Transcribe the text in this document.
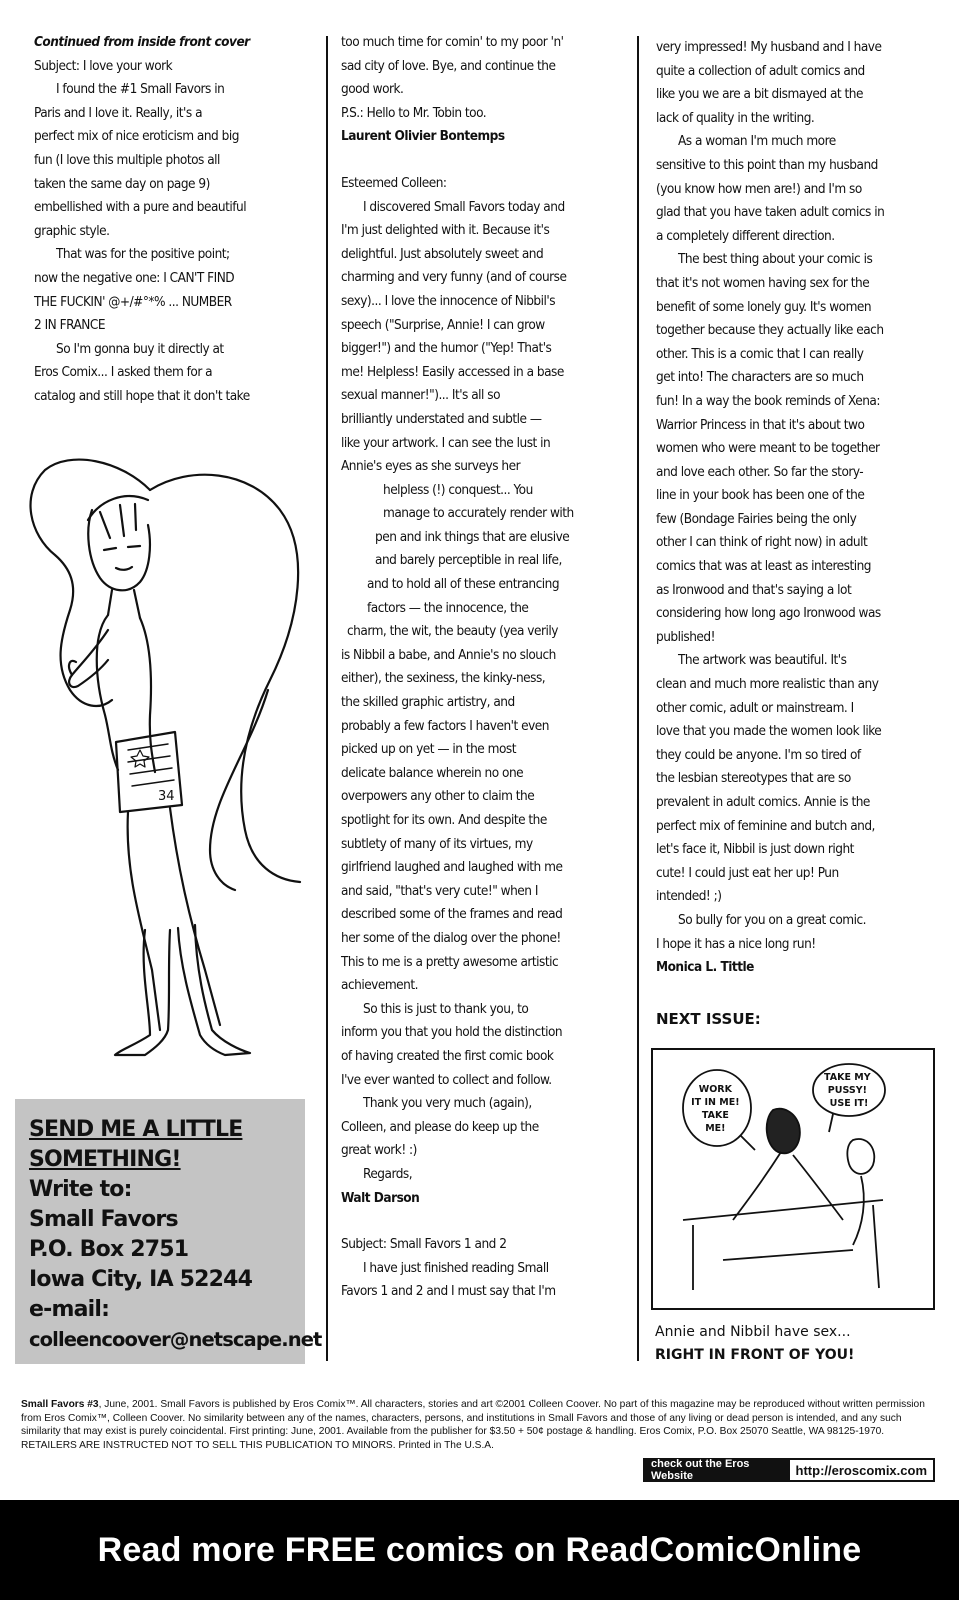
Continued from inside front cover

Subject: I love your work

I found the #1 Small Favors in

Paris and I love it. Really, it's a

perfect mix of nice eroticism and big

fun (I love this multiple photos all

taken the same day on page 9)

embellished with a pure and beautiful

graphic style.

That was for the positive point;

now the negative one: I CAN'T FIND

THE FUCKIN' @+/#°*% ... NUMBER

2 IN FRANCE

So I'm gonna buy it directly at

Eros Comix... I asked them for a

catalog and still hope that it don't take

too much time for comin' to my poor 'n'

sad city of love. Bye, and continue the

good work.

P.S.: Hello to Mr. Tobin too.

Laurent Olivier Bontemps

Esteemed Colleen:

I discovered Small Favors today and

I'm just delighted with it. Because it's

delightful. Just absolutely sweet and

charming and very funny (and of course

sexy)... I love the innocence of Nibbil's

speech ("Surprise, Annie! I can grow

bigger!") and the humor ("Yep! That's

me! Helpless! Easily accessed in a base

sexual manner!")... It's all so

brilliantly understated and subtle —

like your artwork. I can see the lust in

Annie's eyes as she surveys her

helpless (!) conquest... You

manage to accurately render with

pen and ink things that are elusive

and barely perceptible in real life,

and to hold all of these entrancing

factors — the innocence, the

charm, the wit, the beauty (yea verily

is Nibbil a babe, and Annie's no slouch

either), the sexiness, the kinky-ness,

the skilled graphic artistry, and

probably a few factors I haven't even

picked up on yet — in the most

delicate balance wherein no one

overpowers any other to claim the

spotlight for its own. And despite the

subtlety of many of its virtues, my

girlfriend laughed and laughed with me

and said, "that's very cute!" when I

described some of the frames and read

her some of the dialog over the phone!

This to me is a pretty awesome artistic

achievement.

So this is just to thank you, to

inform you that you hold the distinction

of having created the first comic book

I've ever wanted to collect and follow.

Thank you very much (again),

Colleen, and please do keep up the

great work! :)

Regards,

Walt Darson

Subject: Small Favors 1 and 2

I have just finished reading Small

Favors 1 and 2 and I must say that I'm

very impressed! My husband and I have

quite a collection of adult comics and

like you we are a bit dismayed at the

lack of quality in the writing.

As a woman I'm much more

sensitive to this point than my husband

(you know how men are!) and I'm so

glad that you have taken adult comics in

a completely different direction.

The best thing about your comic is

that it's not women having sex for the

benefit of some lonely guy. It's women

together because they actually like each

other. This is a comic that I can really

get into! The characters are so much

fun! In a way the book reminds of Xena:

Warrior Princess in that it's about two

women who were meant to be together

and love each other. So far the story-

line in your book has been one of the

few (Bondage Fairies being the only

other I can think of right now) in adult

comics that was at least as interesting

as Ironwood and that's saying a lot

considering how long ago Ironwood was

published!

The artwork was beautiful. It's

clean and much more realistic than any

other comic, adult or mainstream. I

love that you made the women look like

they could be anyone. I'm so tired of

the lesbian stereotypes that are so

prevalent in adult comics. Annie is the

perfect mix of feminine and butch and,

let's face it, Nibbil is just down right

cute! I could just eat her up! Pun

intended! ;)

So bully for you on a great comic.

I hope it has a nice long run!

Monica L. Tittle

34
SEND ME A LITTLE
SOMETHING!
Write to:
Small Favors
P.O. Box 2751
Iowa City, IA 52244
e-mail:
colleencoover@netscape.net
NEXT ISSUE:
WORK IT IN ME! TAKE ME! TAKE MY PUSSY! USE IT!
Annie and Nibbil have sex...
RIGHT IN FRONT OF YOU!
Small Favors #3, June, 2001. Small Favors is published by Eros Comix™. All characters, stories and art ©2001 Colleen Coover. No part of this magazine may be reproduced without written permission from Eros Comix™, Colleen Coover. No similarity between any of the names, characters, persons, and institutions in Small Favors and those of any living or dead person is intended, and any such similarity that may exist is purely coincidental. First printing: June, 2001. Available from the publisher for $3.50 + 50¢ postage & handling. Eros Comix, P.O. Box 25070 Seattle, WA 98125-1970. RETAILERS ARE INSTRUCTED NOT TO SELL THIS PUBLICATION TO MINORS. Printed in The U.S.A.
check out the Eros Website	http://eroscomix.com
Read more FREE comics on ReadComicOnline
